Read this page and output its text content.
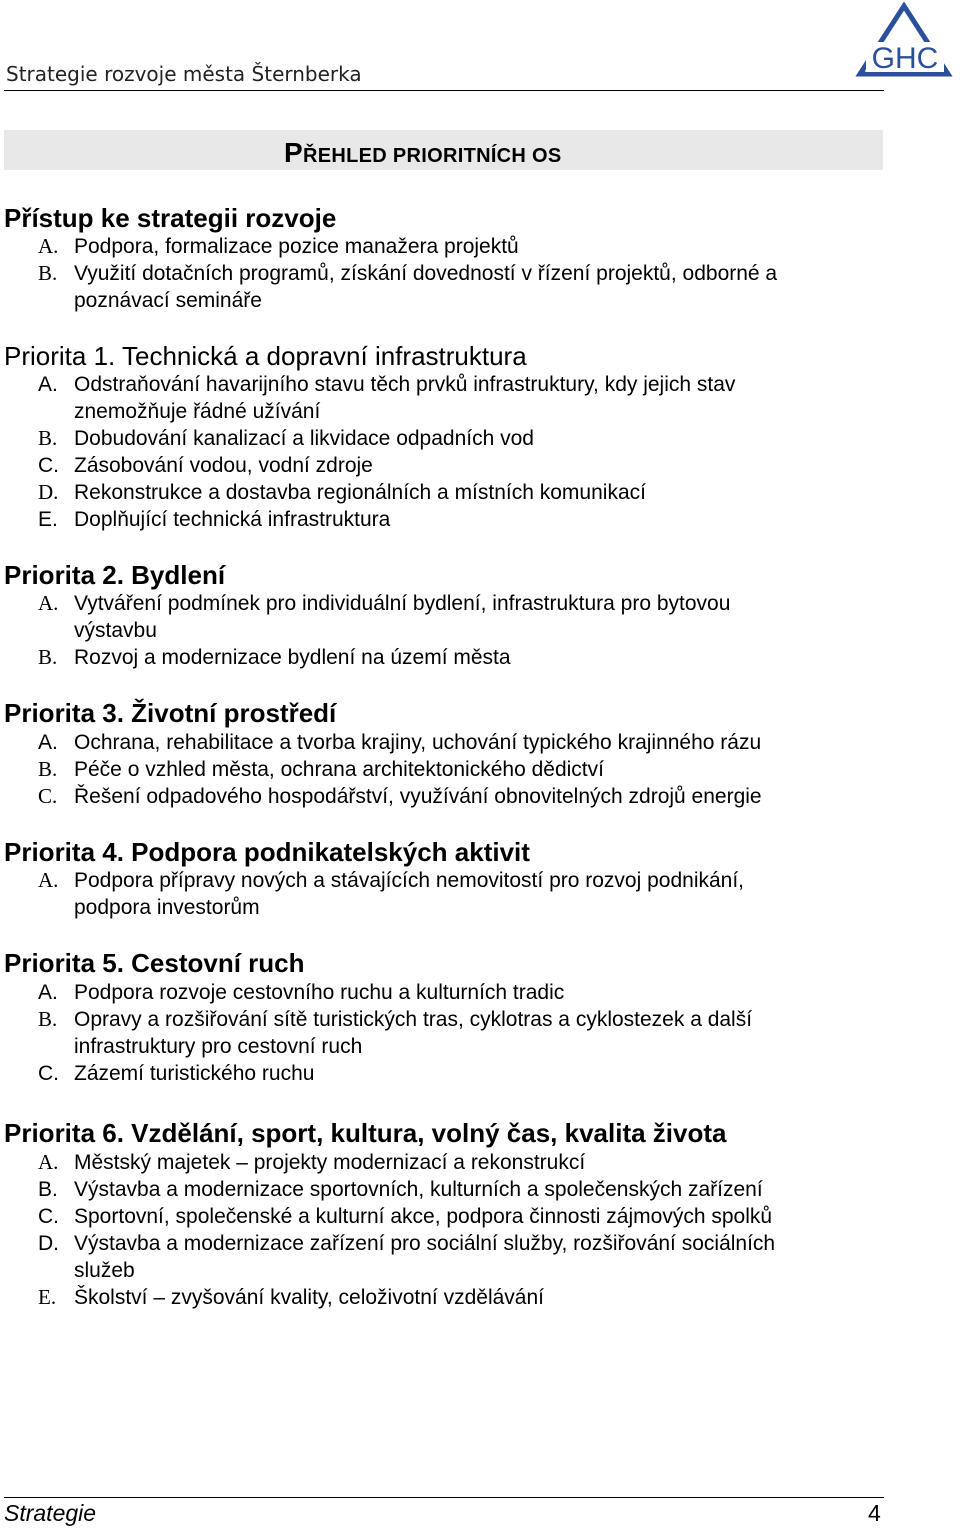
Strategie rozvoje města Šternberka	GHC
PŘEHLED PRIORITNÍCH OS
Přístup ke strategii rozvoje
A. Podpora, formalizace pozice manažera projektů
B. Využití dotačních programů, získání dovedností v řízení projektů, odborné a
poznávací semináře
Priorita 1. Technická a dopravní infrastruktura
A. Odstraňování havarijního stavu těch prvků infrastruktury, kdy jejich stav
znemožňuje řádné užívání
B. Dobudování kanalizací a likvidace odpadních vod
C. Zásobování vodou, vodní zdroje
D. Rekonstrukce a dostavba regionálních a místních komunikací
E. Doplňující technická infrastruktura
Priorita 2. Bydlení
A. Vytváření podmínek pro individuální bydlení, infrastruktura pro bytovou
výstavbu
B. Rozvoj a modernizace bydlení na území města
Priorita 3. Životní prostředí
A. Ochrana, rehabilitace a tvorba krajiny, uchování typického krajinného rázu
B. Péče o vzhled města, ochrana architektonického dědictví
C. Řešení odpadového hospodářství, využívání obnovitelných zdrojů energie
Priorita 4. Podpora podnikatelských aktivit
A. Podpora přípravy nových a stávajících nemovitostí pro rozvoj podnikání,
podpora investorům
Priorita 5. Cestovní ruch
A. Podpora rozvoje cestovního ruchu a kulturních tradic
B. Opravy a rozšiřování sítě turistických tras, cyklotras a cyklostezek a další
infrastruktury pro cestovní ruch
C. Zázemí turistického ruchu
Priorita 6. Vzdělání, sport, kultura, volný čas, kvalita života
A. Městský majetek – projekty modernizací a rekonstrukcí
B. Výstavba a modernizace sportovních, kulturních a společenských zařízení
C. Sportovní, společenské a kulturní akce, podpora činnosti zájmových spolků
D. Výstavba a modernizace zařízení pro sociální služby, rozšiřování sociálních
služeb
E. Školství – zvyšování kvality, celoživotní vzdělávání
Strategie	4
